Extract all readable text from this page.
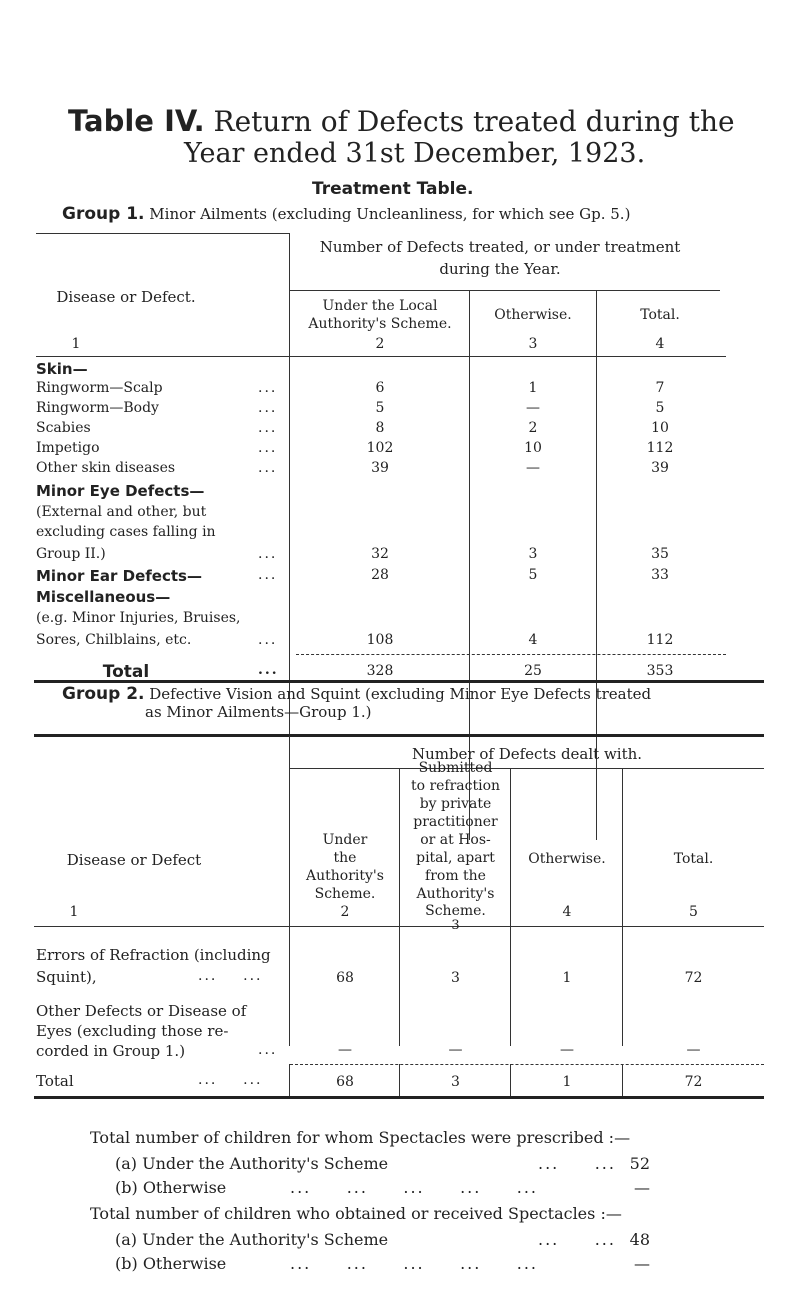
Table IV. Return of Defects treated during the
Year ended 31st December, 1923.
Treatment Table.
Group 1. Minor Ailments (excluding Uncleanliness, for which see Gp. 5.)
Number of Defects treated, or under treatment
during the Year.
Disease or Defect.
1
Under the Local
Authority's Scheme.
2
Otherwise.
3
Total.
4
Skin—
Ringworm—Scalp	...	6	1	7
Ringworm—Body	...	5	—	5
Scabies	...	8	2	10
Impetigo	...	102	10	112
Other skin diseases	...	39	—	39
Minor Eye Defects—
(External and other, but
excluding cases falling in
Group II.)	...	32	3	35
Minor Ear Defects—	...	28	5	33
Miscellaneous—
(e.g. Minor Injuries, Bruises,
Sores, Chilblains, etc.	...	108	4	112
Total	...	328	25	353
Group 2. Defective Vision and Squint (excluding Minor Eye Defects treated
as Minor Ailments—Group 1.)
Number of Defects dealt with.
Disease or Defect
1
Under
the
Authority's
Scheme.
2
Submitted
to refraction
by private
practitioner
or at Hos-
pital, apart
from the
Authority's
Scheme.
3
Otherwise.
4
Total.
5
Errors of Refraction (including
Squint),	...    ...	68	3	1	72
Other Defects or Disease of
Eyes (excluding those re-
corded in Group 1.)	...	—	—	—	—
Total	...    ...	68	3	1	72
Total number of children for whom Spectacles were prescribed :—
(a) Under the Authority's Scheme	...     ... 52
(b) Otherwise	...     ...     ...     ...     ...	—
Total number of children who obtained or received Spectacles :—
(a) Under the Authority's Scheme	...     ... 48
(b) Otherwise	...     ...     ...     ...     ...	—
